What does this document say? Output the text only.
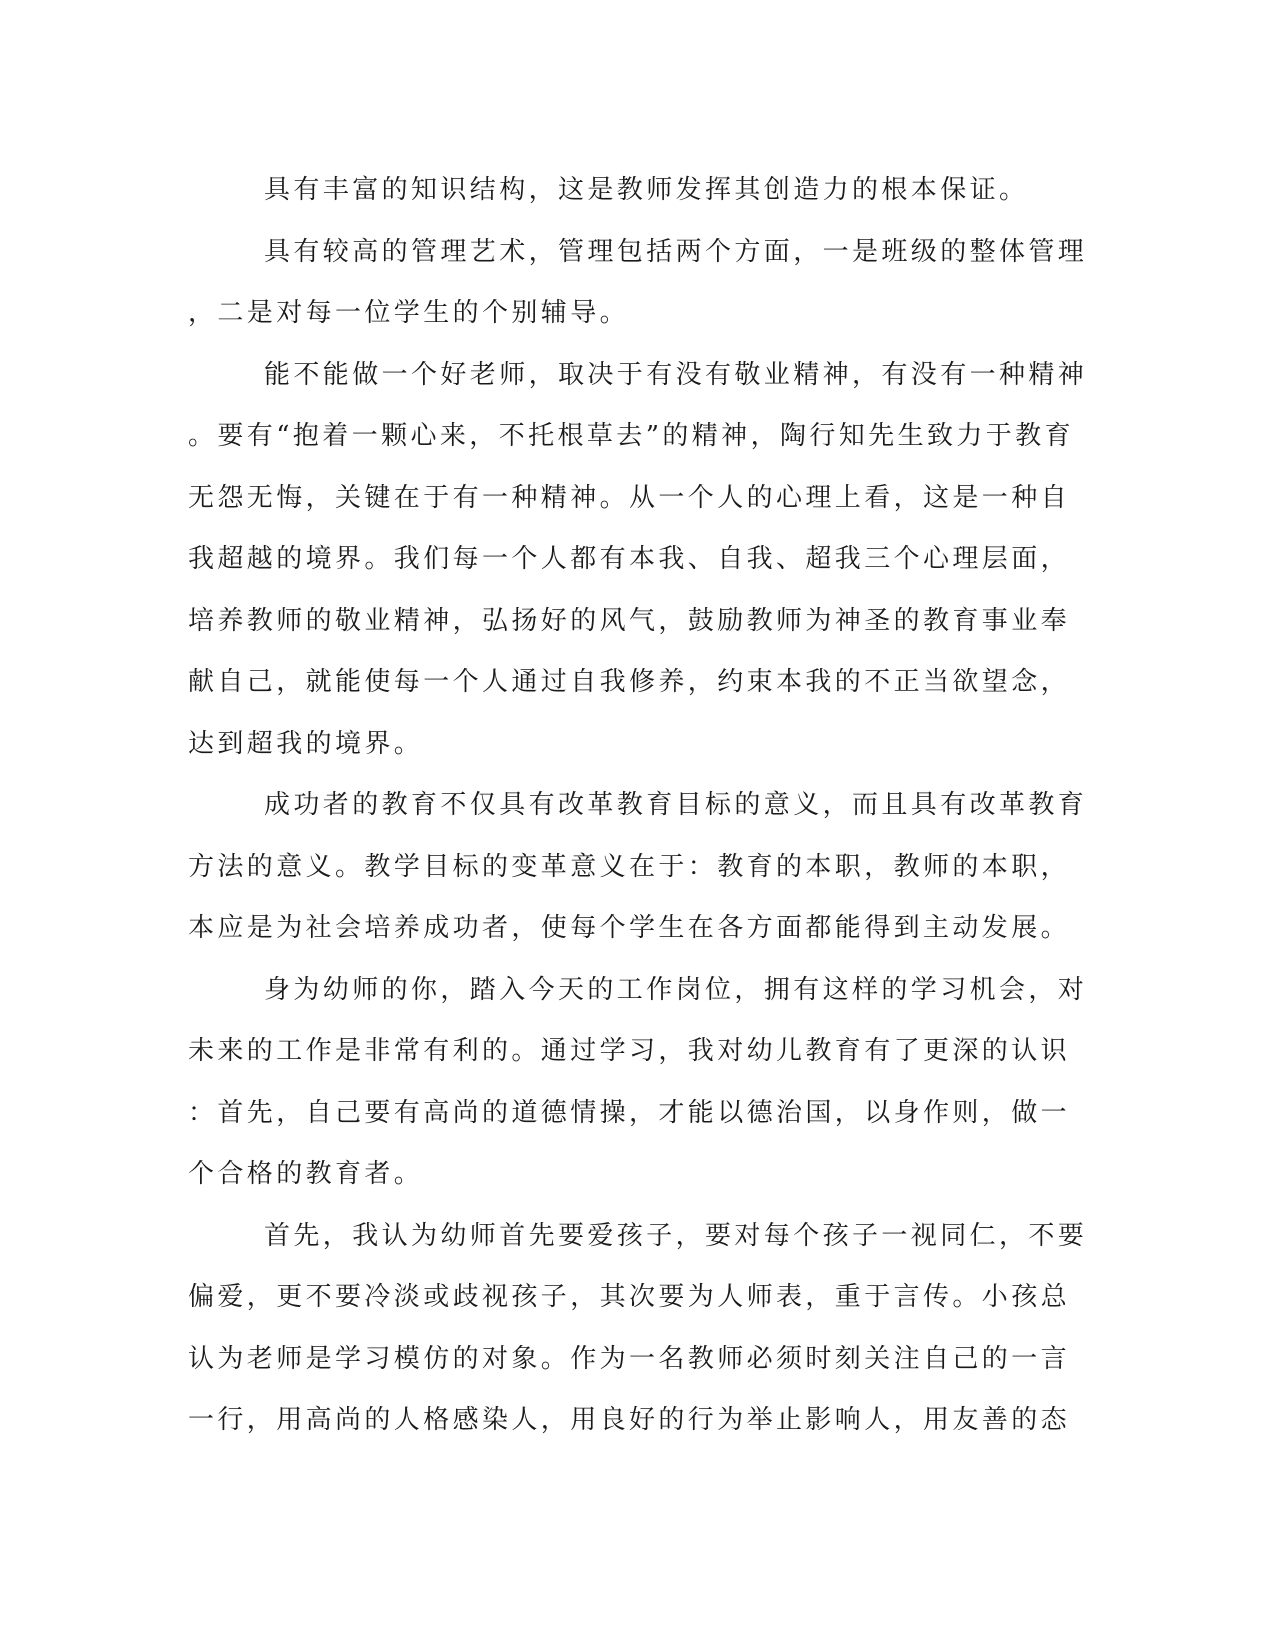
具有丰富的知识结构，这是教师发挥其创造力的根本保证。
具有较高的管理艺术，管理包括两个方面，一是班级的整体管理
，二是对每一位学生的个别辅导。
能不能做一个好老师，取决于有没有敬业精神，有没有一种精神
。要有“抱着一颗心来，不托根草去”的精神，陶行知先生致力于教育
无怨无悔，关键在于有一种精神。从一个人的心理上看，这是一种自
我超越的境界。我们每一个人都有本我、自我、超我三个心理层面，
培养教师的敬业精神，弘扬好的风气，鼓励教师为神圣的教育事业奉
献自己，就能使每一个人通过自我修养，约束本我的不正当欲望念，
达到超我的境界。
成功者的教育不仅具有改革教育目标的意义，而且具有改革教育
方法的意义。教学目标的变革意义在于：教育的本职，教师的本职，
本应是为社会培养成功者，使每个学生在各方面都能得到主动发展。
身为幼师的你，踏入今天的工作岗位，拥有这样的学习机会，对
未来的工作是非常有利的。通过学习，我对幼儿教育有了更深的认识
：首先，自己要有高尚的道德情操，才能以德治国，以身作则，做一
个合格的教育者。
首先，我认为幼师首先要爱孩子，要对每个孩子一视同仁，不要
偏爱，更不要冷淡或歧视孩子，其次要为人师表，重于言传。小孩总
认为老师是学习模仿的对象。作为一名教师必须时刻关注自己的一言
一行，用高尚的人格感染人，用良好的行为举止影响人，用友善的态
